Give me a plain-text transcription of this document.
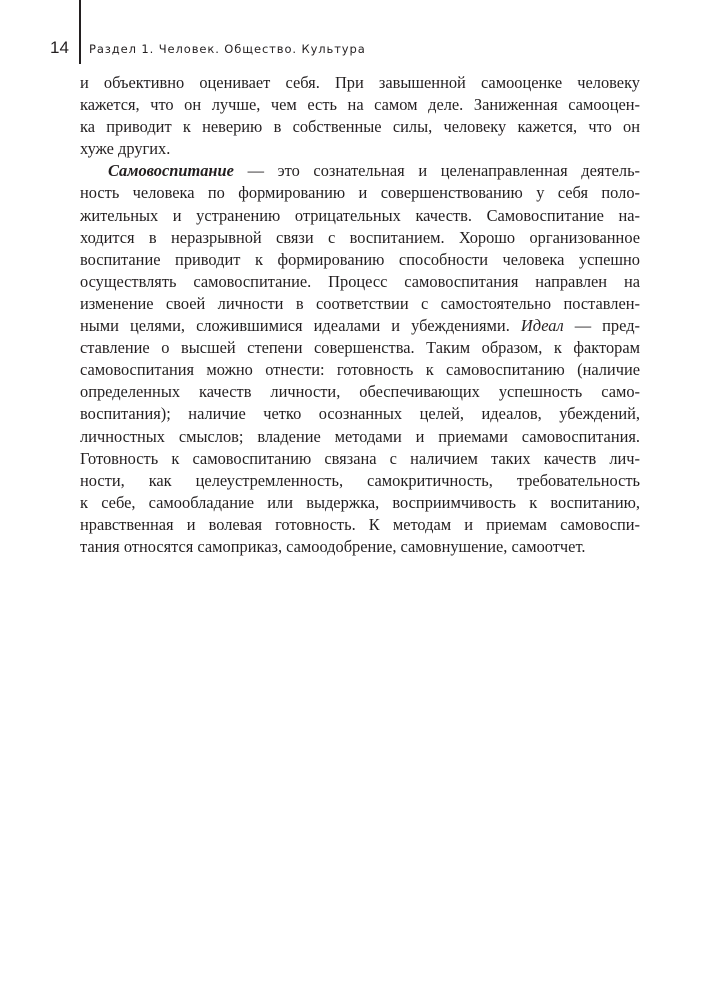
14 Раздел 1. Человек. Общество. Культура
и объективно оценивает себя. При завышенной самооценке человеку
кажется, что он лучше, чем есть на самом деле. Заниженная самооцен-
ка приводит к неверию в собственные силы, человеку кажется, что он
хуже других.
Самовоспитание — это сознательная и целенаправленная деятель-
ность человека по формированию и совершенствованию у себя поло-
жительных и устранению отрицательных качеств. Самовоспитание на-
ходится в неразрывной связи с воспитанием. Хорошо организованное
воспитание приводит к формированию способности человека успешно
осуществлять самовоспитание. Процесс самовоспитания направлен на
изменение своей личности в соответствии с самостоятельно поставлен-
ными целями, сложившимися идеалами и убеждениями. Идеал — пред-
ставление о высшей степени совершенства. Таким образом, к факторам
самовоспитания можно отнести: готовность к самовоспитанию (наличие
определенных качеств личности, обеспечивающих успешность само-
воспитания); наличие четко осознанных целей, идеалов, убеждений,
личностных смыслов; владение методами и приемами самовоспитания.
Готовность к самовоспитанию связана с наличием таких качеств лич-
ности, как целеустремленность, самокритичность, требовательность
к себе, самообладание или выдержка, восприимчивость к воспитанию,
нравственная и волевая готовность. К методам и приемам самовоспи-
тания относятся самоприказ, самоодобрение, самовнушение, самоотчет.
